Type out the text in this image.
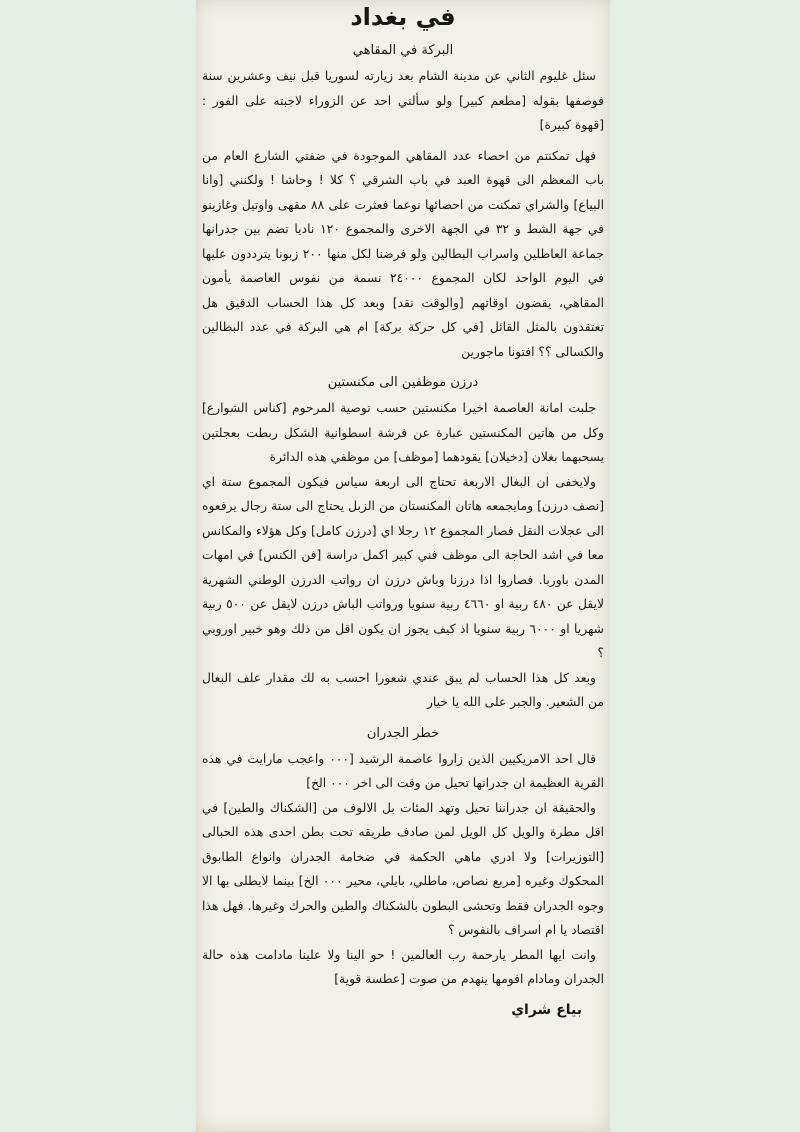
في بغداد
البركة في المقاهي

سئل غليوم الثاني عن مدينة الشام بعد زيارته لسوريا قبل نيف وعشرين سنة فوصفها بقوله [مطعم كبير] ولو سألني احد عن الزوراء لاجبته على الفور : [قهوة كبيرة]

فهل تمكنتم من احصاء عدد المقاهي الموجودة في ضفتي الشارع العام من باب المعظم الى قهوة العبد في باب الشرقي ؟ كلا ! وحاشا ! ولكنني [وانا البياع] والشراي تمكنت من احصائها نوعما فعثرت على ٨٨ مقهى واوتيل وغازينو في جهة الشط و ٣٢ في الجهة الاخرى والمجموع ١٢٠ ناديا تضم بين جدرانها جماعة العاطلين واسراب البطالين ولو فرضنا لكل منها ٢٠٠ زبونا يترددون عليها في اليوم الواحد لكان المجموع ٢٤٠٠٠ نسمة من نفوس العاصمة يأمون المقاهي، يقضون اوقاتهم [والوقت نقد] وبعد كل هذا الحساب الدقيق هل تعتقدون بالمثل القائل [في كل حركة بركة] ام هي البركة في عدد البطالين والكسالى ؟؟ افتونا ماجورين

درزن موظفين الى مكنستين

جلبت امانة العاصمة اخيرا مكنستين حسب توصية المرحوم [كناس الشوارع] وكل من هاتين المكنستين عبارة عن فرشة اسطوانية الشكل ربطت بعجلتين يسحبهما بغلان [دخيلان] يقودهما [موظف] من موظفي هذه الدائرة

ولايخفى ان البغال الاربعة تحتاج الى اربعة سياس فيكون المجموع ستة اي [نصف درزن] ومايجمعه هاتان المكنستان من الزبل يحتاج الى ستة رجال يرفعوه الى عجلات النقل فصار المجموع ١٢ رجلا اي [درزن كامل] وكل هؤلاء والمكانس معا في اشد الحاجة الى موظف فني كبير اكمل دراسة [فن الكنس] في امهات المدن باوربا. فصاروا اذا درزنا وباش درزن ان رواتب الدرزن الوطني الشهرية لايقل عن ٤٨٠ ربية او ٤٦٦٠ ربية سنويا ورواتب الباش درزن لايقل عن ٥٠٠ ربية شهريا او ٦٠٠٠ ربية سنويا اذ كيف يجوز ان يكون اقل من ذلك وهو خبير اوروبي ؟

وبعد كل هذا الحساب لم يبق عندي شعورا احسب به لك مقدار علف البغال من الشعير. والجبر على الله يا خيار

خطر الجدران

قال احد الامريكيين الذين زاروا عاصمة الرشيد [٠٠٠ واعجب مارايت في هذه القرية العظيمة ان جدرانها تحيل من وقت الى اخر ٠٠٠ الخ]

والحقيقة ان جدراننا تحيل وتهد المئات بل الالوف من [الشكناك والطين] في اقل مطرة والويل كل الويل لمن صادف طريقه تحت بطن احدى هذه الحبالى [التوزيرات] ولا ادري ماهي الحكمة في ضخامة الجدران وانواع الطابوق المحكوك وغيره [مربع نصاص، ماطلي، بابلي، محير ٠٠٠ الخ] بينما لايطلى بها الا وجوه الجدران فقط وتحشى البطون بالشكناك والطين والحرك وغيرها. فهل هذا اقتصاد يا ام اسراف بالنفوس ؟

وانت ايها المطر يارحمة رب العالمين ! حو الينا ولا علينا مادامت هذه حالة الجدران ومادام افومها ينهدم من صوت [عطسة قوية]

بياع شراي
